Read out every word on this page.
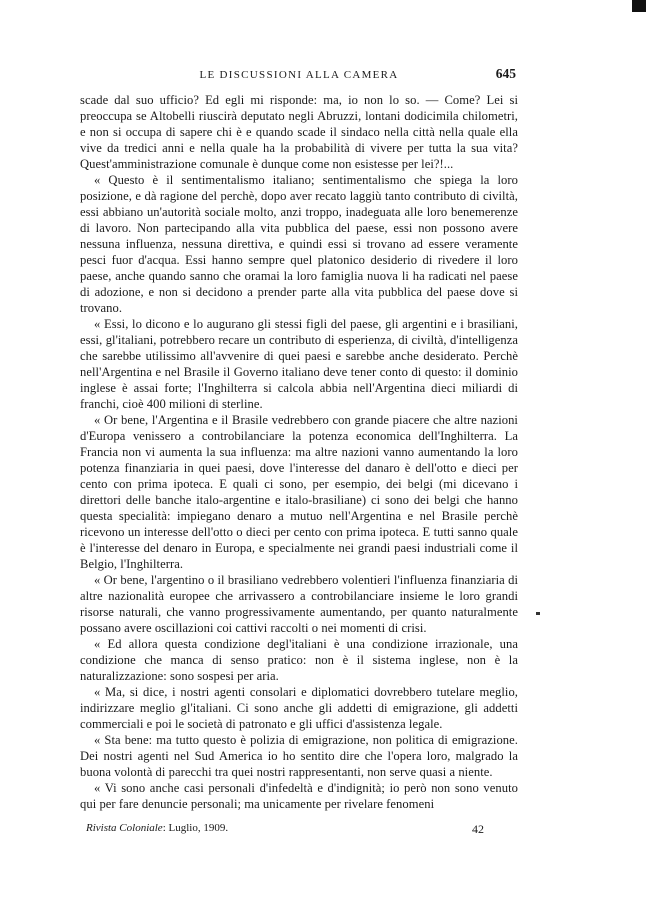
LE DISCUSSIONI ALLA CAMERA	645

scade dal suo ufficio? Ed egli mi risponde: ma, io non lo so. — Come? Lei si preoccupa se Altobelli riuscirà deputato negli Abruzzi, lontani dodicimila chilometri, e non si occupa di sapere chi è e quando scade il sindaco nella città nella quale ella vive da tredici anni e nella quale ha la probabilità di vivere per tutta la sua vita? Quest'amministrazione comunale è dunque come non esistesse per lei?!...

« Questo è il sentimentalismo italiano; sentimentalismo che spiega la loro posizione, e dà ragione del perchè, dopo aver recato laggiù tanto contributo di civiltà, essi abbiano un'autorità sociale molto, anzi troppo, inadeguata alle loro benemerenze di lavoro. Non partecipando alla vita pubblica del paese, essi non possono avere nessuna influenza, nessuna direttiva, e quindi essi si trovano ad essere veramente pesci fuor d'acqua. Essi hanno sempre quel platonico desiderio di rivedere il loro paese, anche quando sanno che oramai la loro famiglia nuova li ha radicati nel paese di adozione, e non si decidono a prender parte alla vita pubblica del paese dove si trovano.

« Essi, lo dicono e lo augurano gli stessi figli del paese, gli argentini e i brasiliani, essi, gl'italiani, potrebbero recare un contributo di esperienza, di civiltà, d'intelligenza che sarebbe utilissimo all'avvenire di quei paesi e sarebbe anche desiderato. Perchè nell'Argentina e nel Brasile il Governo italiano deve tener conto di questo: il dominio inglese è assai forte; l'Inghilterra si calcola abbia nell'Argentina dieci miliardi di franchi, cioè 400 milioni di sterline.

« Or bene, l'Argentina e il Brasile vedrebbero con grande piacere che altre nazioni d'Europa venissero a controbilanciare la potenza economica dell'Inghilterra. La Francia non vi aumenta la sua influenza: ma altre nazioni vanno aumentando la loro potenza finanziaria in quei paesi, dove l'interesse del danaro è dell'otto e dieci per cento con prima ipoteca. E quali ci sono, per esempio, dei belgi (mi dicevano i direttori delle banche italo-argentine e italo-brasiliane) ci sono dei belgi che hanno questa specialità: impiegano denaro a mutuo nell'Argentina e nel Brasile perchè ricevono un interesse dell'otto o dieci per cento con prima ipoteca. E tutti sanno quale è l'interesse del denaro in Europa, e specialmente nei grandi paesi industriali come il Belgio, l'Inghilterra.

« Or bene, l'argentino o il brasiliano vedrebbero volentieri l'influenza finanziaria di altre nazionalità europee che arrivassero a controbilanciare insieme le loro grandi risorse naturali, che vanno progressivamente aumentando, per quanto naturalmente possano avere oscillazioni coi cattivi raccolti o nei momenti di crisi.

« Ed allora questa condizione degl'italiani è una condizione irrazionale, una condizione che manca di senso pratico: non è il sistema inglese, non è la naturalizzazione: sono sospesi per aria.

« Ma, si dice, i nostri agenti consolari e diplomatici dovrebbero tutelare meglio, indirizzare meglio gl'italiani. Ci sono anche gli addetti di emigrazione, gli addetti commerciali e poi le società di patronato e gli uffici d'assistenza legale.

« Sta bene: ma tutto questo è polizia di emigrazione, non politica di emigrazione. Dei nostri agenti nel Sud America io ho sentito dire che l'opera loro, malgrado la buona volontà di parecchi tra quei nostri rappresentanti, non serve quasi a niente.

« Vi sono anche casi personali d'infedeltà e d'indignità; io però non sono venuto qui per fare denuncie personali; ma unicamente per rivelare fenomeni

Rivista Coloniale: Luglio, 1909.	42
